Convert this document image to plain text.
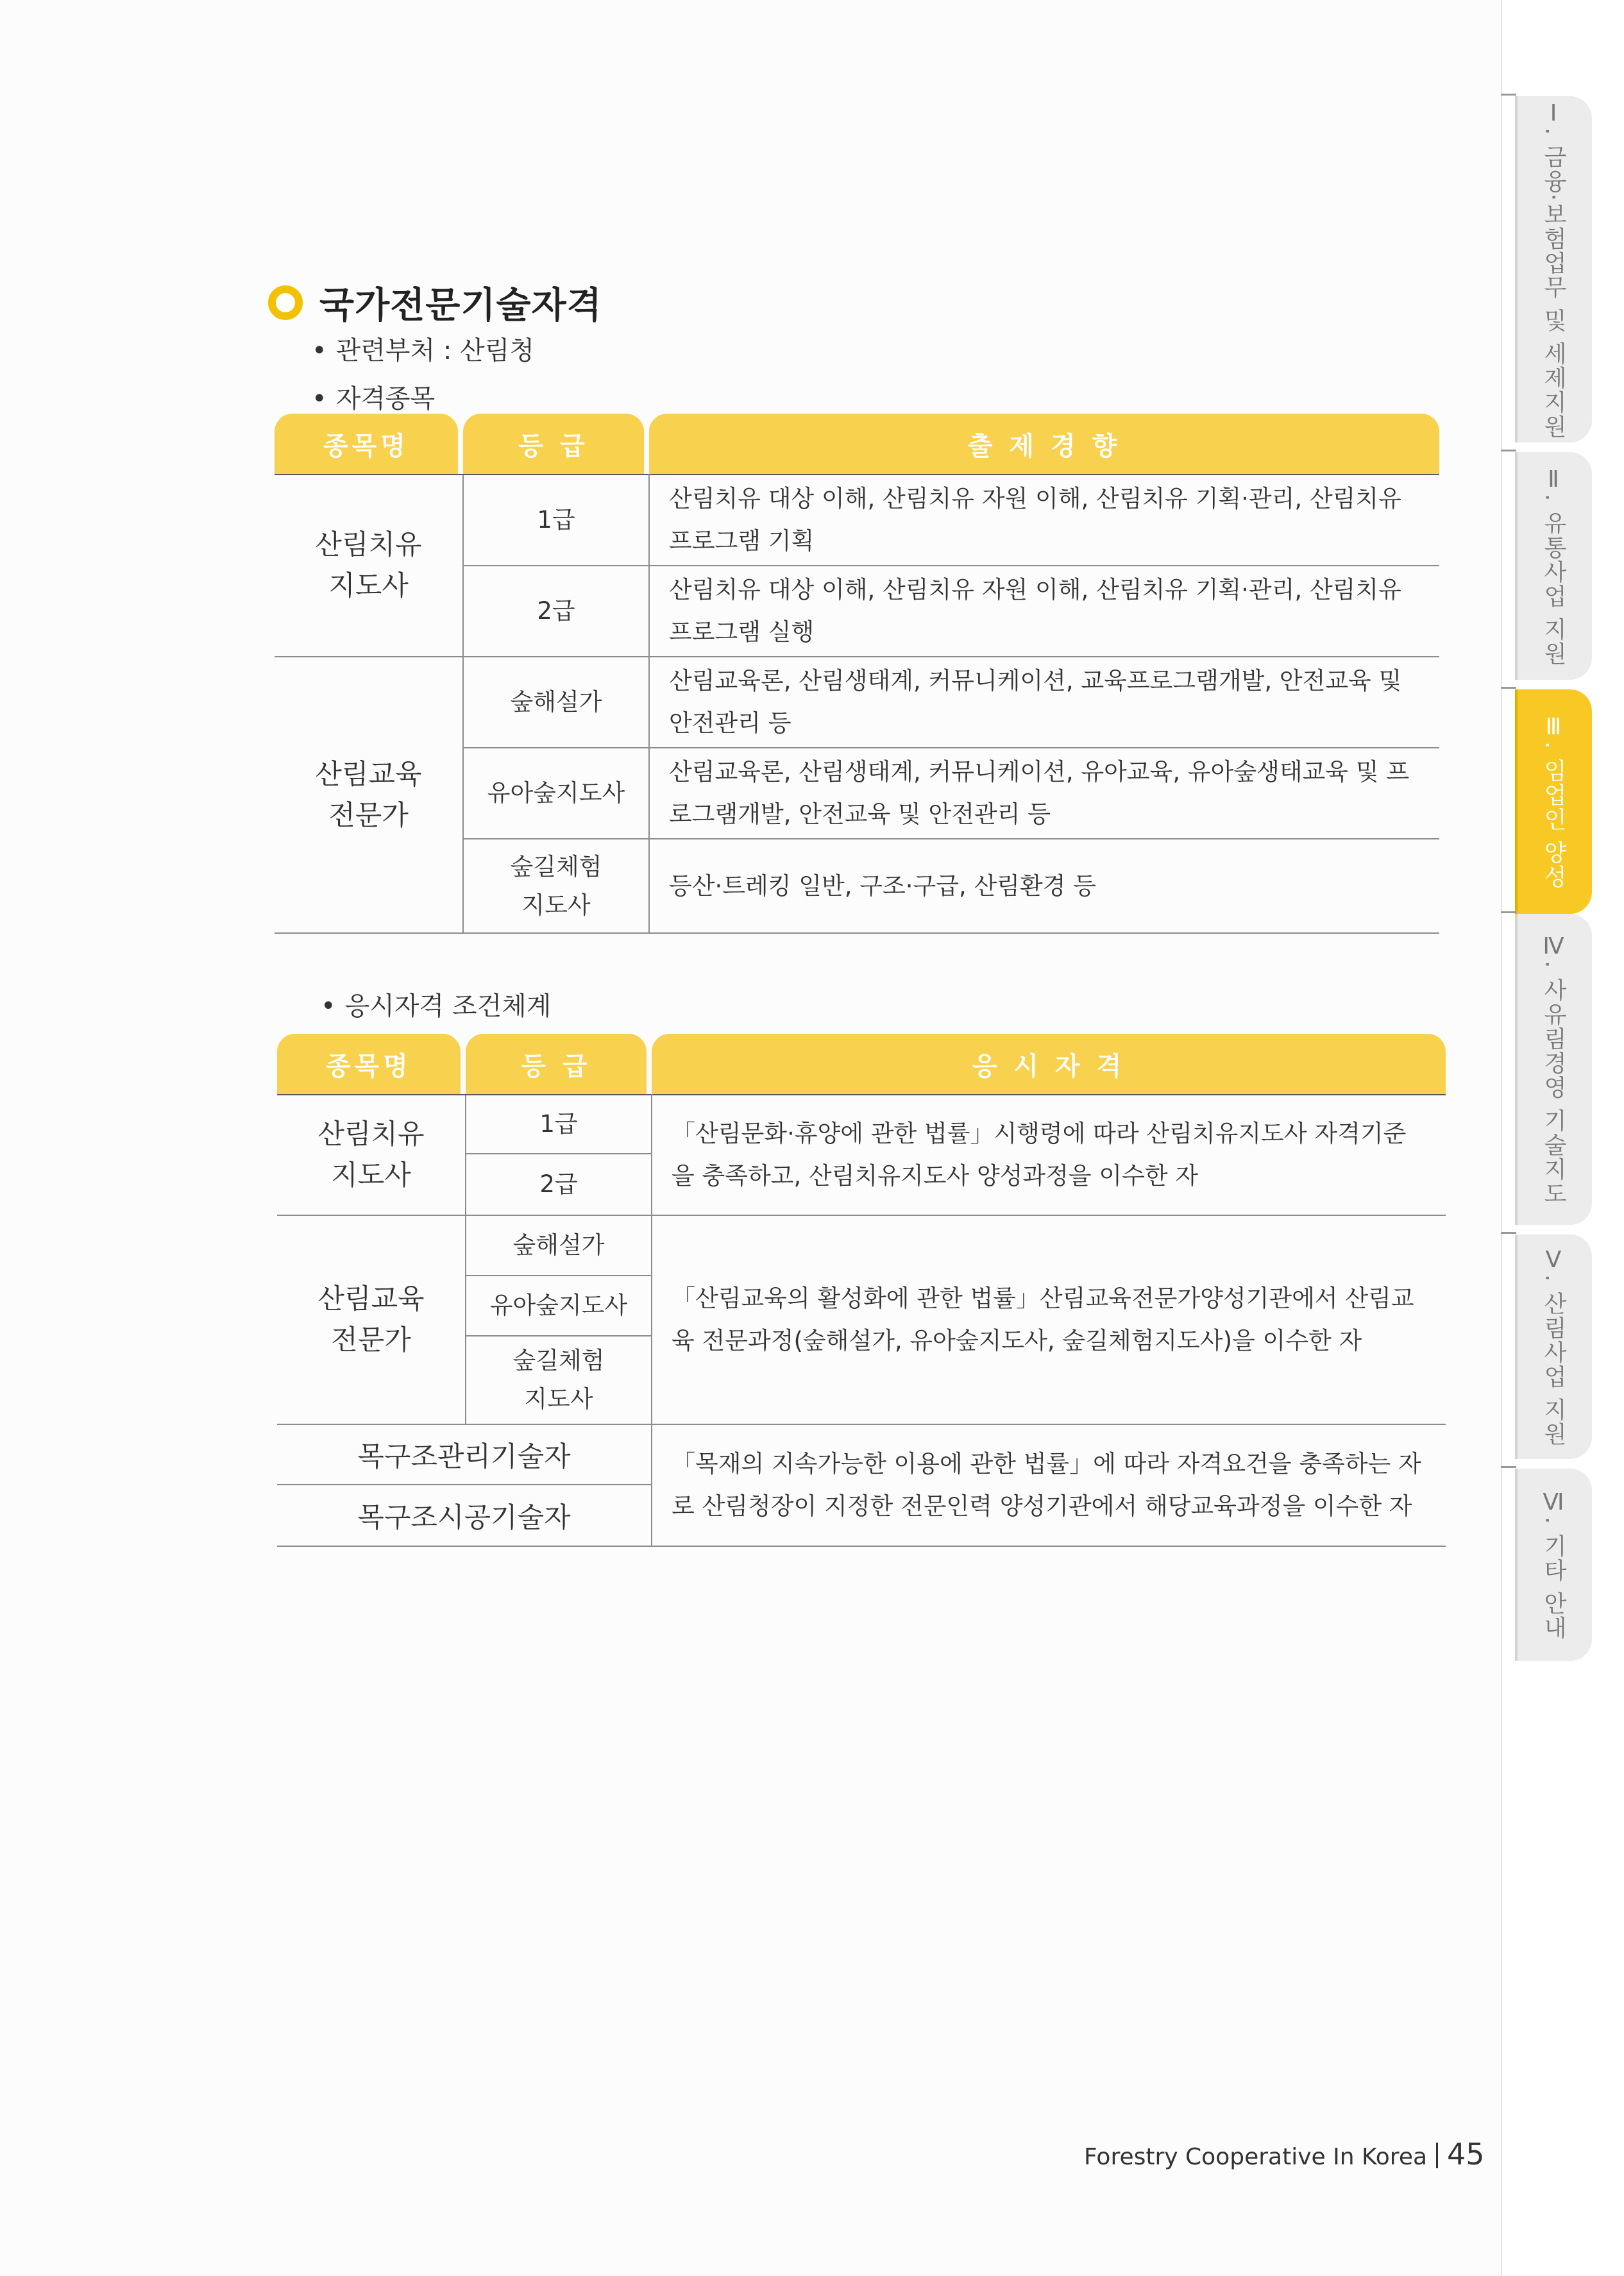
국가전문기술자격
• 관련부처 : 산림청
• 자격종목
종목명	등 급	출 제 경 향

산림치유
지도사	1급	산림치유 대상 이해, 산림치유 자원 이해, 산림치유 기획·관리, 산림치유 프로그램 기획
	2급	산림치유 대상 이해, 산림치유 자원 이해, 산림치유 기획·관리, 산림치유 프로그램 실행
산림교육
전문가	숲해설가	산림교육론, 산림생태계, 커뮤니케이션, 교육프로그램개발, 안전교육 및 안전관리 등
	유아숲지도사	산림교육론, 산림생태계, 커뮤니케이션, 유아교육, 유아숲생태교육 및 프로그램개발, 안전교육 및 안전관리 등
	숲길체험
지도사	등산·트레킹 일반, 구조·구급, 산림환경 등
• 응시자격 조건체계
종목명	등 급	응 시 자 격

산림치유
지도사	1급	「산림문화·휴양에 관한 법률」시행령에 따라 산림치유지도사 자격기준을 충족하고, 산림치유지도사 양성과정을 이수한 자
	2급	
산림교육
전문가	숲해설가	「산림교육의 활성화에 관한 법률」산림교육전문가양성기관에서 산림교육 전문과정(숲해설가, 유아숲지도사, 숲길체험지도사)을 이수한 자
	유아숲지도사	
	숲길체험
지도사	
목구조관리기술자		「목재의 지속가능한 이용에 관한 법률」에 따라 자격요건을 충족하는 자로 산림청장이 지정한 전문인력 양성기관에서 해당교육과정을 이수한 자
목구조시공기술자		
Ⅰ. 금융·보험업무 및 세제지원
Ⅱ. 유통사업 지원
Ⅲ. 임업인 양성
Ⅳ. 사유림경영 기술지도
Ⅴ. 산림사업 지원
Ⅵ. 기타 안내
Forestry Cooperative In Korea 45
